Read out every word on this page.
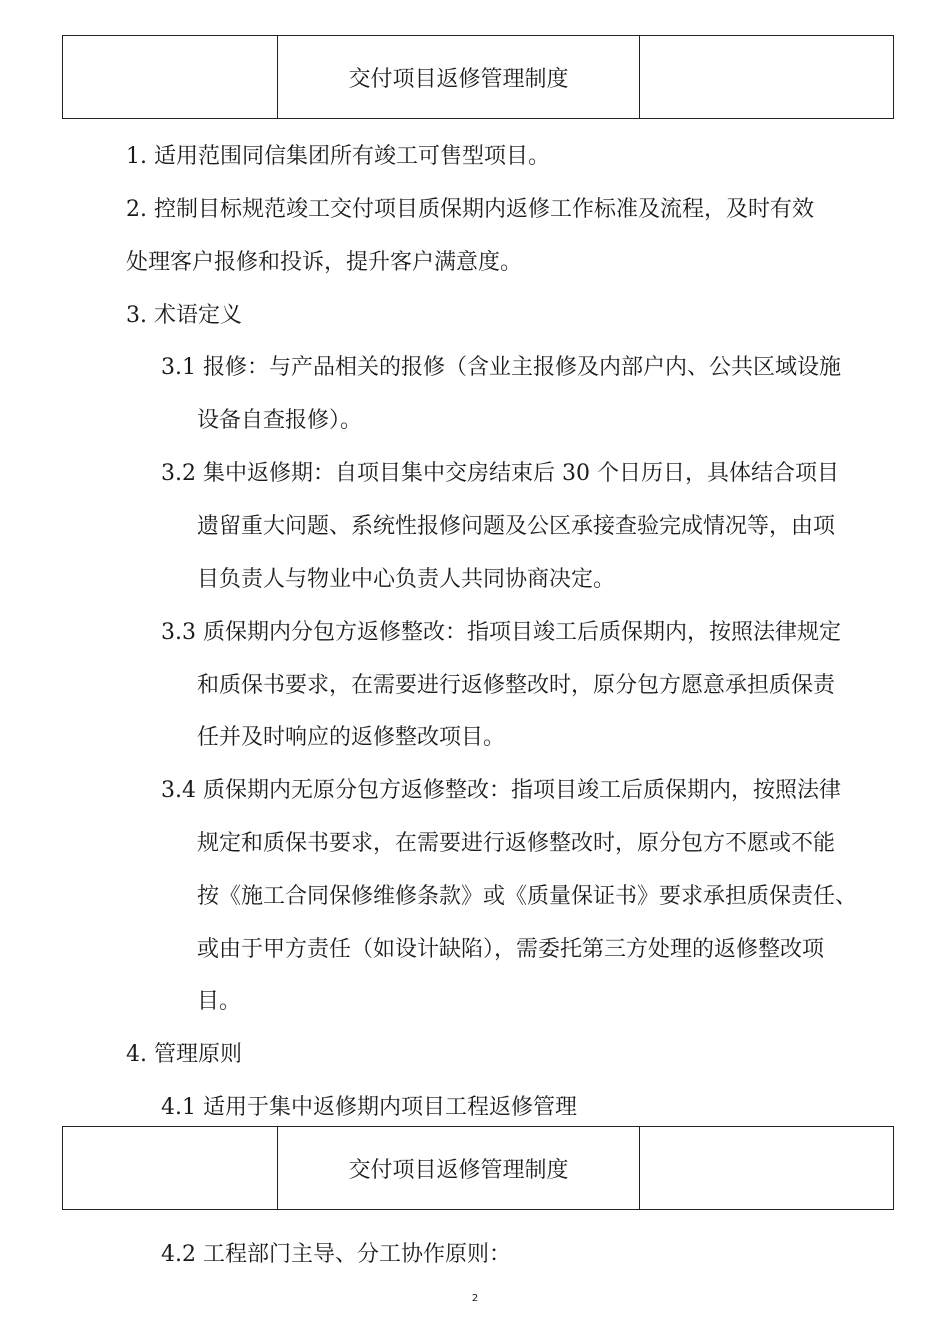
交付项目返修管理制度
1. 适用范围同信集团所有竣工可售型项目。
2. 控制目标规范竣工交付项目质保期内返修工作标准及流程，及时有效
处理客户报修和投诉，提升客户满意度。
3. 术语定义
3.1 报修：与产品相关的报修（含业主报修及内部户内、公共区域设施
设备自查报修）。
3.2 集中返修期：自项目集中交房结束后 30 个日历日，具体结合项目
遗留重大问题、系统性报修问题及公区承接查验完成情况等，由项
目负责人与物业中心负责人共同协商决定。
3.3 质保期内分包方返修整改：指项目竣工后质保期内，按照法律规定
和质保书要求，在需要进行返修整改时，原分包方愿意承担质保责
任并及时响应的返修整改项目。
3.4 质保期内无原分包方返修整改：指项目竣工后质保期内，按照法律
规定和质保书要求，在需要进行返修整改时，原分包方不愿或不能
按《施工合同保修维修条款》或《质量保证书》要求承担质保责任、
或由于甲方责任（如设计缺陷），需委托第三方处理的返修整改项
目。
4. 管理原则
4.1 适用于集中返修期内项目工程返修管理
交付项目返修管理制度
4.2 工程部门主导、分工协作原则：
2
